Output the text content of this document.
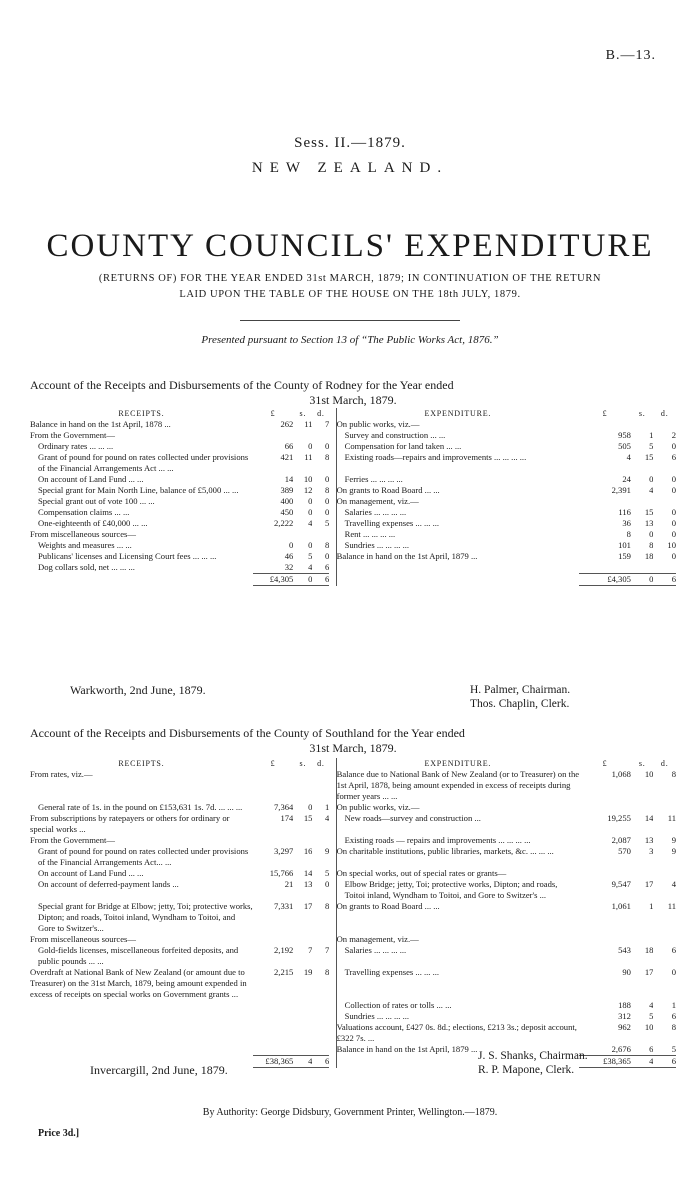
B.—13.
Sess. II.—1879.
NEW ZEALAND.
COUNTY COUNCILS' EXPENDITURE
(RETURNS OF) FOR THE YEAR ENDED 31st MARCH, 1879; IN CONTINUATION OF THE RETURN
LAID UPON THE TABLE OF THE HOUSE ON THE 18th JULY, 1879.
Presented pursuant to Section 13 of “The Public Works Act, 1876.”
Account of the Receipts and Disbursements of the County of Rodney for the Year ended
31st March, 1879.
RECEIPTS.	£	s.	d.		EXPENDITURE.	£	s.	d.
Balance in hand on the 1st April, 1878 ...	262	11	7		On public works, viz.—			
From the Government—					Survey and construction ... ...	958	1	2
Ordinary rates ... ... ...	66	0	0		Compensation for land taken ... ...	505	5	0
Grant of pound for pound on rates collected under provisions of the Financial Arrangements Act ... ...	421	11	8		Existing roads—repairs and improvements ... ... ... ...	4	15	6
On account of Land Fund ... ...	14	10	0		Ferries ... ... ... ...	24	0	0
Special grant for Main North Line, balance of £5,000 ... ...	389	12	8		On grants to Road Board ... ...	2,391	4	0
Special grant out of vote 100 ... ...	400	0	0		On management, viz.—			
Compensation claims ... ...	450	0	0		Salaries ... ... ... ...	116	15	0
One-eighteenth of £40,000 ... ...	2,222	4	5		Travelling expenses ... ... ...	36	13	0
From miscellaneous sources—					Rent ... ... ... ...	8	0	0
Weights and measures ... ...	0	0	8		Sundries ... ... ... ...	101	8	10
Publicans' licenses and Licensing Court fees ... ... ...	46	5	0		Balance in hand on the 1st April, 1879 ...	159	18	0
Dog collars sold, net ... ... ...	32	4	6					
	£4,305	0	6			£4,305	0	6
Warkworth, 2nd June, 1879.	H. Palmer, Chairman.
Thos. Chaplin, Clerk.
Account of the Receipts and Disbursements of the County of Southland for the Year ended
31st March, 1879.
RECEIPTS.	£	s.	d.		EXPENDITURE.	£	s.	d.
From rates, viz.—					Balance due to National Bank of New Zealand (or to Treasurer) on the 1st April, 1878, being amount expended in excess of receipts during former years ... ...	1,068	10	8
General rate of 1s. in the pound on £153,631 1s. 7d. ... ... ...	7,364	0	1		On public works, viz.—			
From subscriptions by ratepayers or others for ordinary or special works ...	174	15	4		New roads—survey and construction ...	19,255	14	11
From the Government—					Existing roads — repairs and improvements ... ... ... ...	2,087	13	9
Grant of pound for pound on rates collected under provisions of the Financial Arrangements Act... ...	3,297	16	9		On charitable institutions, public libraries, markets, &c. ... ... ...	570	3	9
On account of Land Fund ... ...	15,766	14	5		On special works, out of special rates or grants—			
On account of deferred-payment lands ...	21	13	0		Elbow Bridge; jetty, Toi; protective works, Dipton; and roads, Toitoi inland, Wyndham to Toitoi, and Gore to Switzer's ...	9,547	17	4
Special grant for Bridge at Elbow; jetty, Toi; protective works, Dipton; and roads, Toitoi inland, Wyndham to Toitoi, and Gore to Switzer's...	7,331	17	8		On grants to Road Board ... ...	1,061	1	11
From miscellaneous sources—					On management, viz.—			
Gold-fields licenses, miscellaneous forfeited deposits, and public pounds ... ...	2,192	7	7		Salaries ... ... ... ...	543	18	6
Overdraft at National Bank of New Zealand (or amount due to Treasurer) on the 31st March, 1879, being amount expended in excess of receipts on special works on Government grants ...	2,215	19	8		Travelling expenses ... ... ...	90	17	0
					Collection of rates or tolls ... ...	188	4	1
					Sundries ... ... ... ...	312	5	6
					Valuations account, £427 0s. 8d.; elections, £213 3s.; deposit account, £322 7s. ...	962	10	8
					Balance in hand on the 1st April, 1879 ...	2,676	6	5
	£38,365	4	6			£38,365	4	6
Invercargill, 2nd June, 1879.
J. S. Shanks, Chairman.
R. P. Mapone, Clerk.
By Authority: George Didsbury, Government Printer, Wellington.—1879.
Price 3d.]
